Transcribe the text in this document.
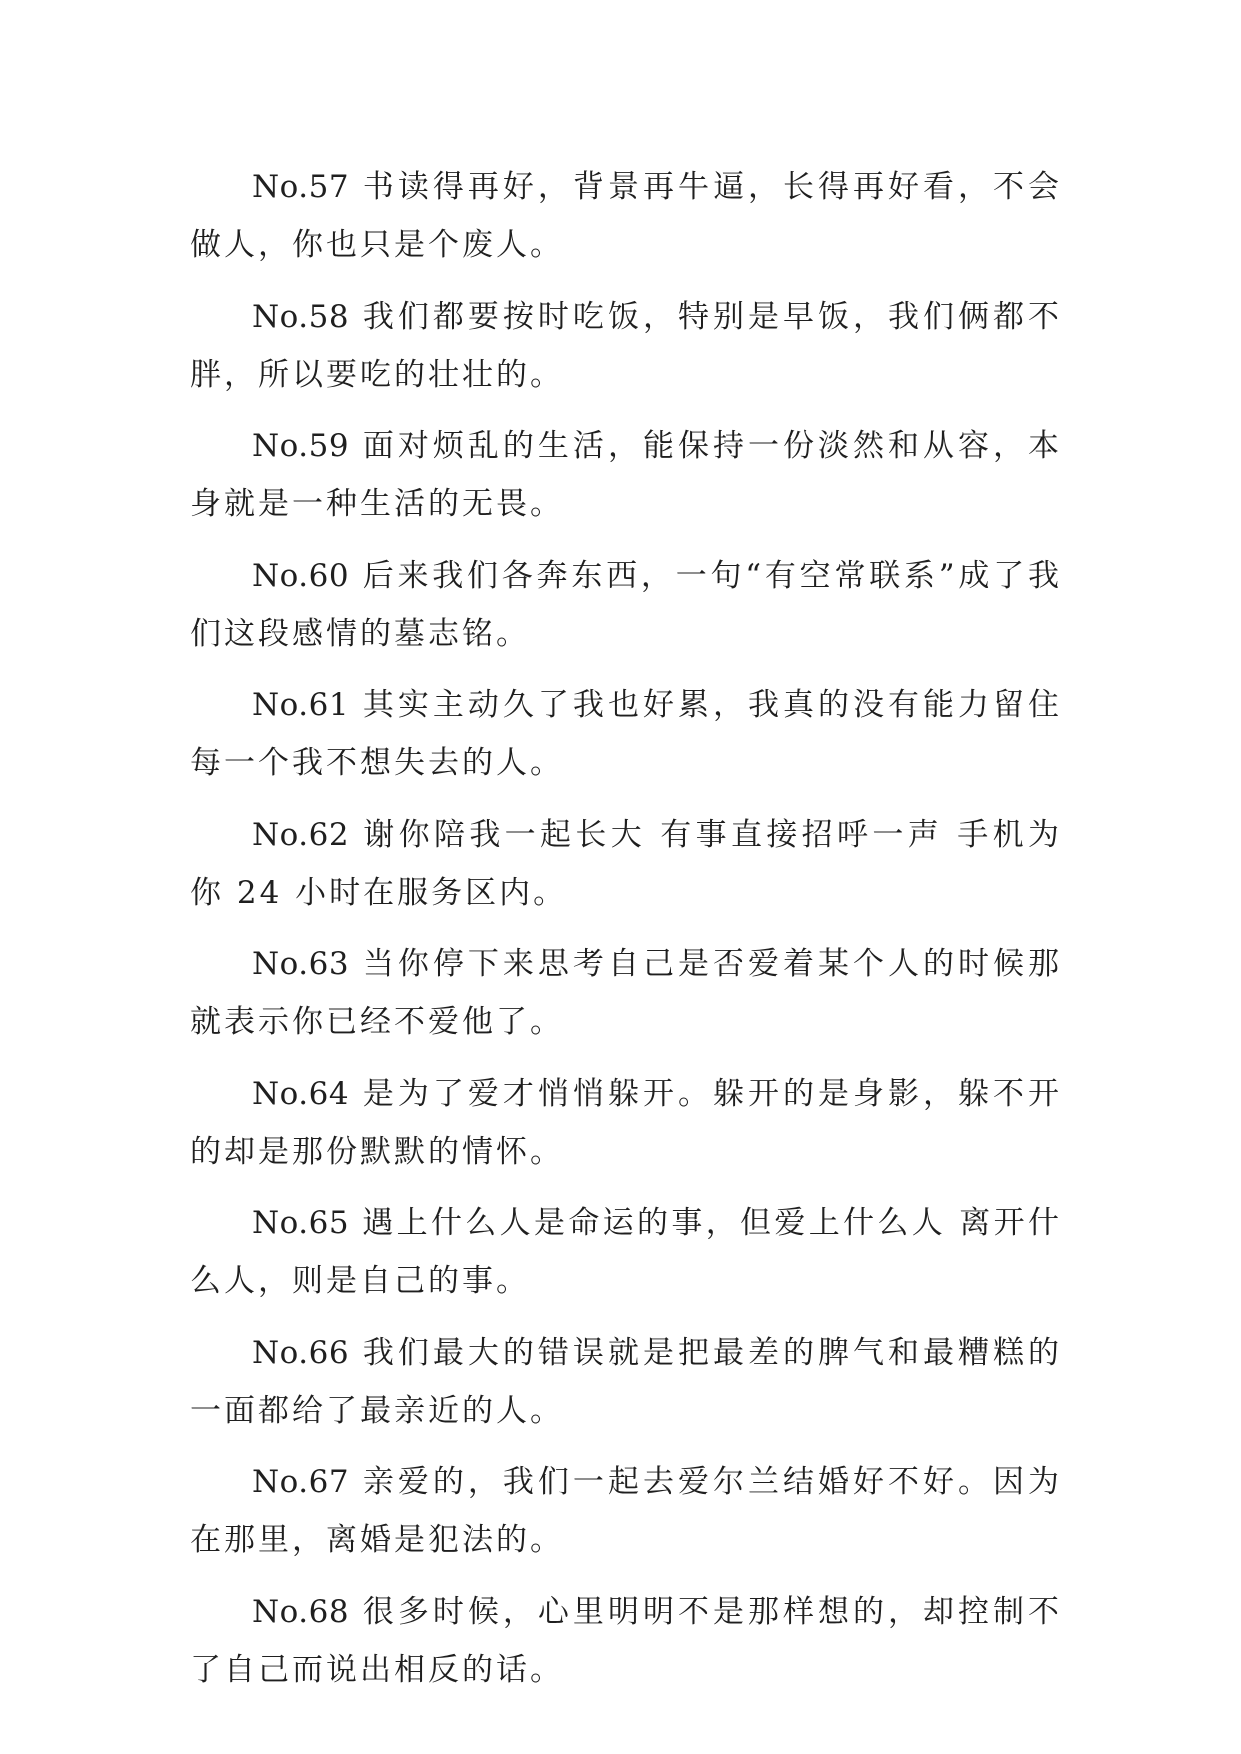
No.57 书读得再好，背景再牛逼，长得再好看，不会做人，你也只是个废人。

No.58 我们都要按时吃饭，特别是早饭，我们俩都不胖，所以要吃的壮壮的。

No.59 面对烦乱的生活，能保持一份淡然和从容，本身就是一种生活的无畏。

No.60 后来我们各奔东西，一句“有空常联系”成了我们这段感情的墓志铭。

No.61 其实主动久了我也好累，我真的没有能力留住每一个我不想失去的人。

No.62 谢你陪我一起长大 有事直接招呼一声 手机为你 24 小时在服务区内。

No.63 当你停下来思考自己是否爱着某个人的时候那就表示你已经不爱他了。

No.64 是为了爱才悄悄躲开。躲开的是身影，躲不开的却是那份默默的情怀。

No.65 遇上什么人是命运的事，但爱上什么人 离开什么人，则是自己的事。

No.66 我们最大的错误就是把最差的脾气和最糟糕的一面都给了最亲近的人。

No.67 亲爱的，我们一起去爱尔兰结婚好不好。因为在那里，离婚是犯法的。

No.68 很多时候，心里明明不是那样想的，却控制不了自己而说出相反的话。
